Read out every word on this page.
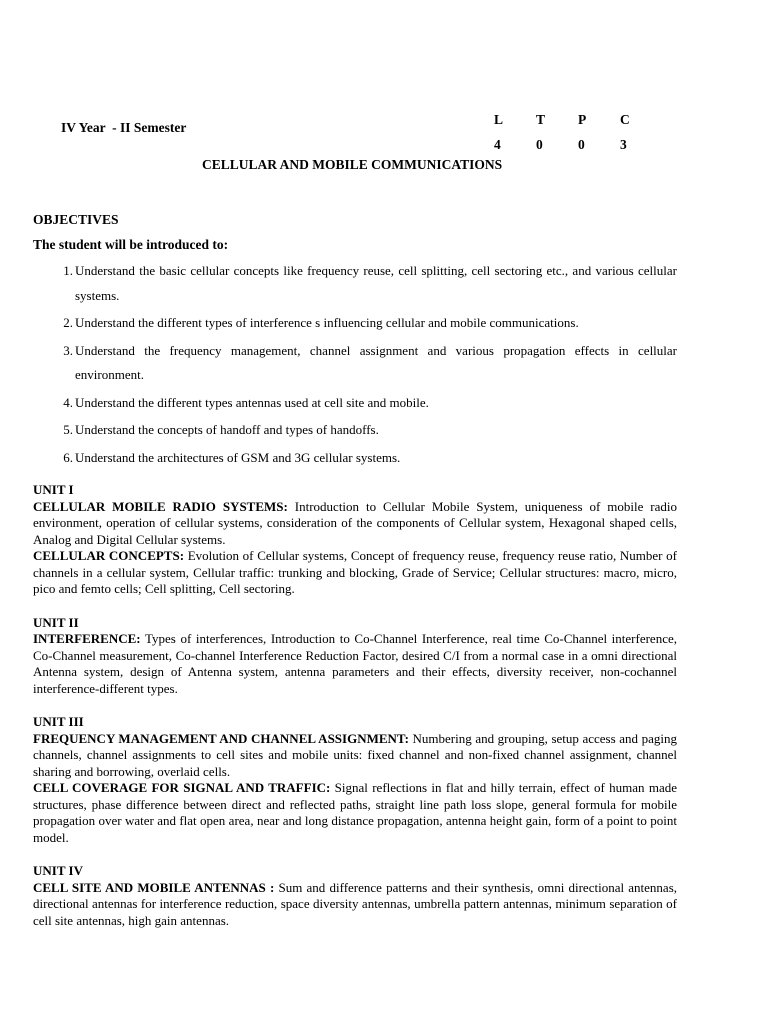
IV Year  - II Semester
L	T	P	C
4	0	0	3
CELLULAR AND MOBILE COMMUNICATIONS
OBJECTIVES
The student will be introduced to:
1. Understand the basic cellular concepts like frequency reuse, cell splitting, cell sectoring etc., and various cellular systems.
2. Understand the different types of interference s influencing cellular and mobile communications.
3. Understand the frequency management, channel assignment and various propagation effects in cellular environment.
4. Understand the different types antennas used at cell site and mobile.
5. Understand the concepts of handoff and types of handoffs.
6. Understand the architectures of GSM and 3G cellular systems.
UNIT I
CELLULAR MOBILE RADIO SYSTEMS: Introduction to Cellular Mobile System, uniqueness of mobile radio environment, operation of cellular systems, consideration of the components of Cellular system, Hexagonal shaped cells, Analog and Digital Cellular systems.
CELLULAR CONCEPTS: Evolution of Cellular systems, Concept of frequency reuse, frequency reuse ratio, Number of channels in a cellular system, Cellular traffic: trunking and blocking, Grade of Service; Cellular structures: macro, micro, pico and femto cells; Cell splitting, Cell sectoring.
UNIT II
INTERFERENCE: Types of interferences, Introduction to Co-Channel Interference, real time Co-Channel interference, Co-Channel measurement, Co-channel Interference Reduction Factor, desired C/I from a normal case in a omni directional Antenna system, design of Antenna system, antenna parameters and their effects, diversity receiver, non-cochannel interference-different types.
UNIT III
FREQUENCY MANAGEMENT AND CHANNEL ASSIGNMENT: Numbering and grouping, setup access and paging channels, channel assignments to cell sites and mobile units: fixed channel and non-fixed channel assignment, channel sharing and borrowing, overlaid cells.
CELL COVERAGE FOR SIGNAL AND TRAFFIC: Signal reflections in flat and hilly terrain, effect of human made structures, phase difference between direct and reflected paths, straight line path loss slope, general formula for mobile propagation over water and flat open area, near and long distance propagation, antenna height gain, form of a point to point model.
UNIT IV
CELL SITE AND MOBILE ANTENNAS : Sum and difference patterns and their synthesis, omni directional antennas, directional antennas for interference reduction, space diversity antennas, umbrella pattern antennas, minimum separation of cell site antennas, high gain antennas.
